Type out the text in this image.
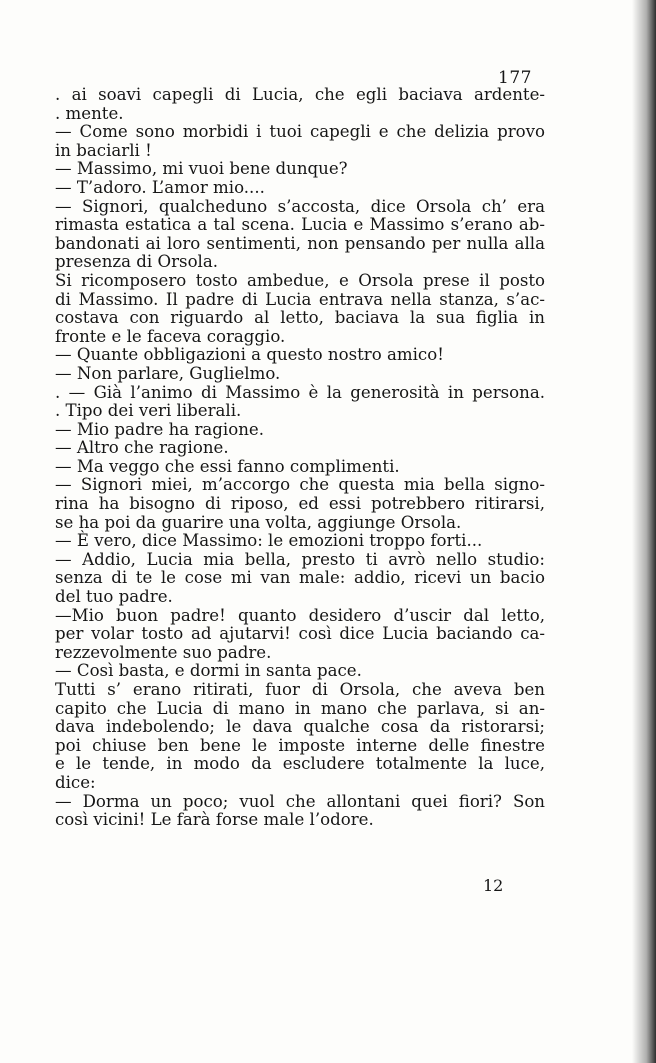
177
. ai soavi capegli di Lucia, che egli baciava ardente-
. mente.
— Come sono morbidi i tuoi capegli e che delizia provo
in baciarli !
— Massimo, mi vuoi bene dunque?
— T’adoro. L’amor mio....
— Signori, qualcheduno s’accosta, dice Orsola ch’ era
rimasta estatica a tal scena. Lucia e Massimo s’erano ab-
bandonati ai loro sentimenti, non pensando per nulla alla
presenza di Orsola.
Si ricomposero tosto ambedue, e Orsola prese il posto
di Massimo. Il padre di Lucia entrava nella stanza, s’ac-
costava con riguardo al letto, baciava la sua figlia in
fronte e le faceva coraggio.
— Quante obbligazioni a questo nostro amico!
— Non parlare, Guglielmo.
. — Già l’animo di Massimo è la generosità in persona.
. Tipo dei veri liberali.
— Mio padre ha ragione.
— Altro che ragione.
— Ma veggo che essi fanno complimenti.
— Signori miei, m’accorgo che questa mia bella signo-
rina ha bisogno di riposo, ed essi potrebbero ritirarsi,
se ha poi da guarire una volta, aggiunge Orsola.
— È vero, dice Massimo: le emozioni troppo forti...
— Addio, Lucia mia bella, presto ti avrò nello studio:
senza di te le cose mi van male: addio, ricevi un bacio
del tuo padre.
—Mio buon padre! quanto desidero d’uscir dal letto,
per volar tosto ad ajutarvi! così dice Lucia baciando ca-
rezzevolmente suo padre.
— Così basta, e dormi in santa pace.
Tutti s’ erano ritirati, fuor di Orsola, che aveva ben
capito che Lucia di mano in mano che parlava, si an-
dava indebolendo; le dava qualche cosa da ristorarsi;
poi chiuse ben bene le imposte interne delle finestre
e le tende, in modo da escludere totalmente la luce,
dice:
— Dorma un poco; vuol che allontani quei fiori? Son
così vicini! Le farà forse male l’odore.
12
